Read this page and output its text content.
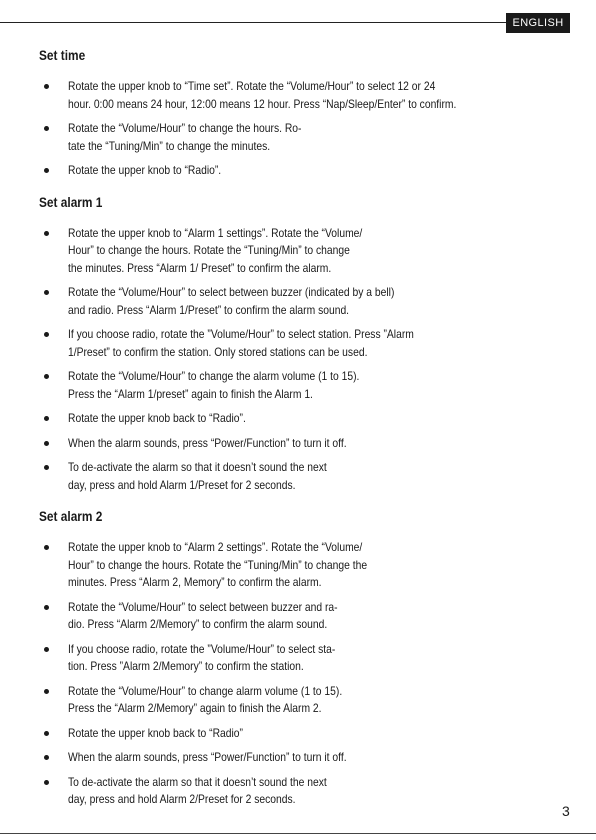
ENGLISH
Set time
Rotate the upper knob to “Time set”. Rotate the “Volume/Hour” to select 12 or 24
hour. 0:00 means 24 hour, 12:00 means 12 hour. Press “Nap/Sleep/Enter” to confirm.
Rotate the “Volume/Hour” to change the hours. Ro-
tate the “Tuning/Min” to change the minutes.
Rotate the upper knob to “Radio”.
Set alarm 1
Rotate the upper knob to “Alarm 1 settings”. Rotate the “Volume/
Hour” to change the hours. Rotate the “Tuning/Min” to change
the minutes. Press “Alarm 1/ Preset” to confirm the alarm.
Rotate the “Volume/Hour” to select between buzzer (indicated by a bell)
and radio. Press “Alarm 1/Preset” to confirm the alarm sound.
If you choose radio, rotate the ”Volume/Hour” to select station. Press ”Alarm
1/Preset” to confirm the station. Only stored stations can be used.
Rotate the “Volume/Hour” to change the alarm volume (1 to 15).
Press the “Alarm 1/preset” again to finish the Alarm 1.
Rotate the upper knob back to “Radio”.
When the alarm sounds, press “Power/Function” to turn it off.
To de-activate the alarm so that it doesn’t sound the next
day, press and hold Alarm 1/Preset for 2 seconds.
Set alarm 2
Rotate the upper knob to “Alarm 2 settings”. Rotate the “Volume/
Hour” to change the hours. Rotate the “Tuning/Min” to change the
minutes. Press “Alarm 2, Memory” to confirm the alarm.
Rotate the “Volume/Hour” to select between buzzer and ra-
dio. Press “Alarm 2/Memory” to confirm the alarm sound.
If you choose radio, rotate the ”Volume/Hour” to select sta-
tion. Press ”Alarm 2/Memory” to confirm the station.
Rotate the “Volume/Hour” to change alarm volume (1 to 15).
Press the “Alarm 2/Memory” again to finish the Alarm 2.
Rotate the upper knob back to “Radio”
When the alarm sounds, press “Power/Function” to turn it off.
To de-activate the alarm so that it doesn’t sound the next
day, press and hold Alarm 2/Preset for 2 seconds.
3
